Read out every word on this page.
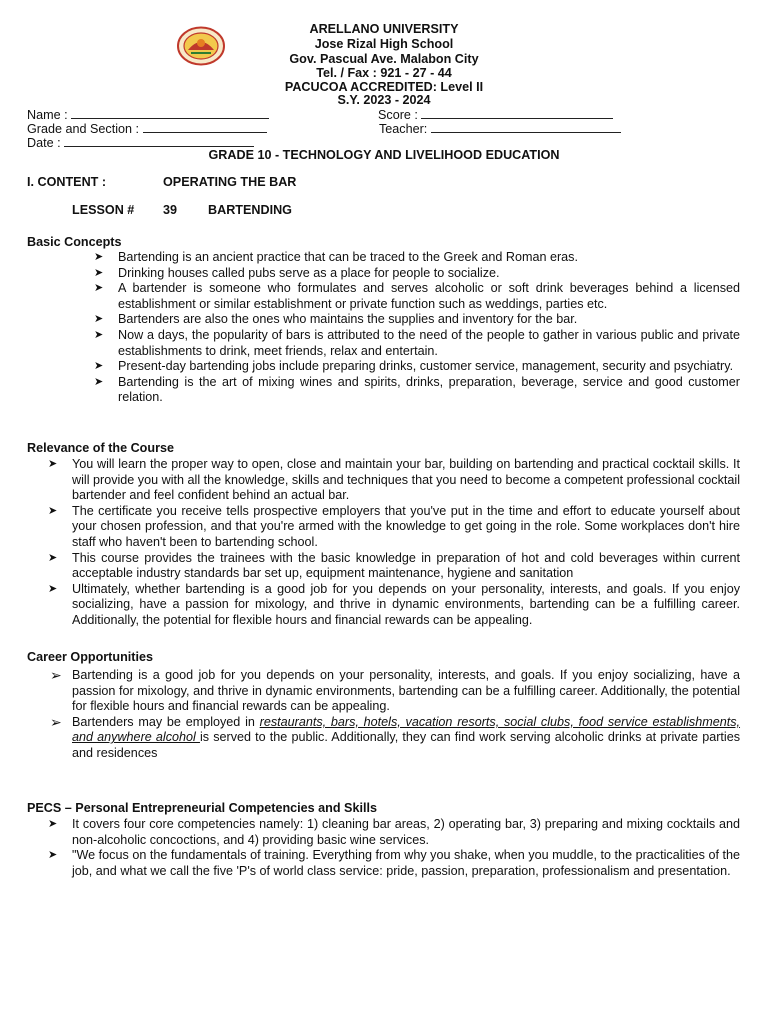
ARELLANO UNIVERSITY
Jose Rizal High School
Gov. Pascual Ave. Malabon City
Tel. / Fax : 921 - 27 - 44
PACUCOA ACCREDITED: Level II
S.Y. 2023 - 2024
Name :	Score :
Grade and Section :	Teacher:
Date :
GRADE 10 - TECHNOLOGY AND LIVELIHOOD EDUCATION
I. CONTENT :	OPERATING THE BAR
LESSON # 39 BARTENDING
Basic Concepts
➤ Bartending is an ancient practice that can be traced to the Greek and Roman eras.
➤ Drinking houses called pubs serve as a place for people to socialize.
➤ A bartender is someone who formulates and serves alcoholic or soft drink beverages behind a licensed establishment or similar establishment or private function such as weddings, parties etc.
➤ Bartenders are also the ones who maintains the supplies and inventory for the bar.
➤ Now a days, the popularity of bars is attributed to the need of the people to gather in various public and private establishments to drink, meet friends, relax and entertain.
➤ Present-day bartending jobs include preparing drinks, customer service, management, security and psychiatry.
➤ Bartending is the art of mixing wines and spirits, drinks, preparation, beverage, service and good customer relation.
Relevance of the Course
➤ You will learn the proper way to open, close and maintain your bar, building on bartending and practical cocktail skills. It will provide you with all the knowledge, skills and techniques that you need to become a competent professional cocktail bartender and feel confident behind an actual bar.
➤ The certificate you receive tells prospective employers that you've put in the time and effort to educate yourself about your chosen profession, and that you're armed with the knowledge to get going in the role. Some workplaces don't hire staff who haven't been to bartending school.
➤ This course provides the trainees with the basic knowledge in preparation of hot and cold beverages within current acceptable industry standards bar set up, equipment maintenance, hygiene and sanitation
➤ Ultimately, whether bartending is a good job for you depends on your personality, interests, and goals. If you enjoy socializing, have a passion for mixology, and thrive in dynamic environments, bartending can be a fulfilling career. Additionally, the potential for flexible hours and financial rewards can be appealing.
Career Opportunities
➢ Bartending is a good job for you depends on your personality, interests, and goals. If you enjoy socializing, have a passion for mixology, and thrive in dynamic environments, bartending can be a fulfilling career. Additionally, the potential for flexible hours and financial rewards can be appealing.
➢ Bartenders may be employed in restaurants, bars, hotels, vacation resorts, social clubs, food service establishments, and anywhere alcohol is served to the public. Additionally, they can find work serving alcoholic drinks at private parties and residences
PECS – Personal Entrepreneurial Competencies and Skills
➤ It covers four core competencies namely: 1) cleaning bar areas, 2) operating bar, 3) preparing and mixing cocktails and non-alcoholic concoctions, and 4) providing basic wine services.
➤ "We focus on the fundamentals of training. Everything from why you shake, when you muddle, to the practicalities of the job, and what we call the five 'P's of world class service: pride, passion, preparation, professionalism and presentation.
